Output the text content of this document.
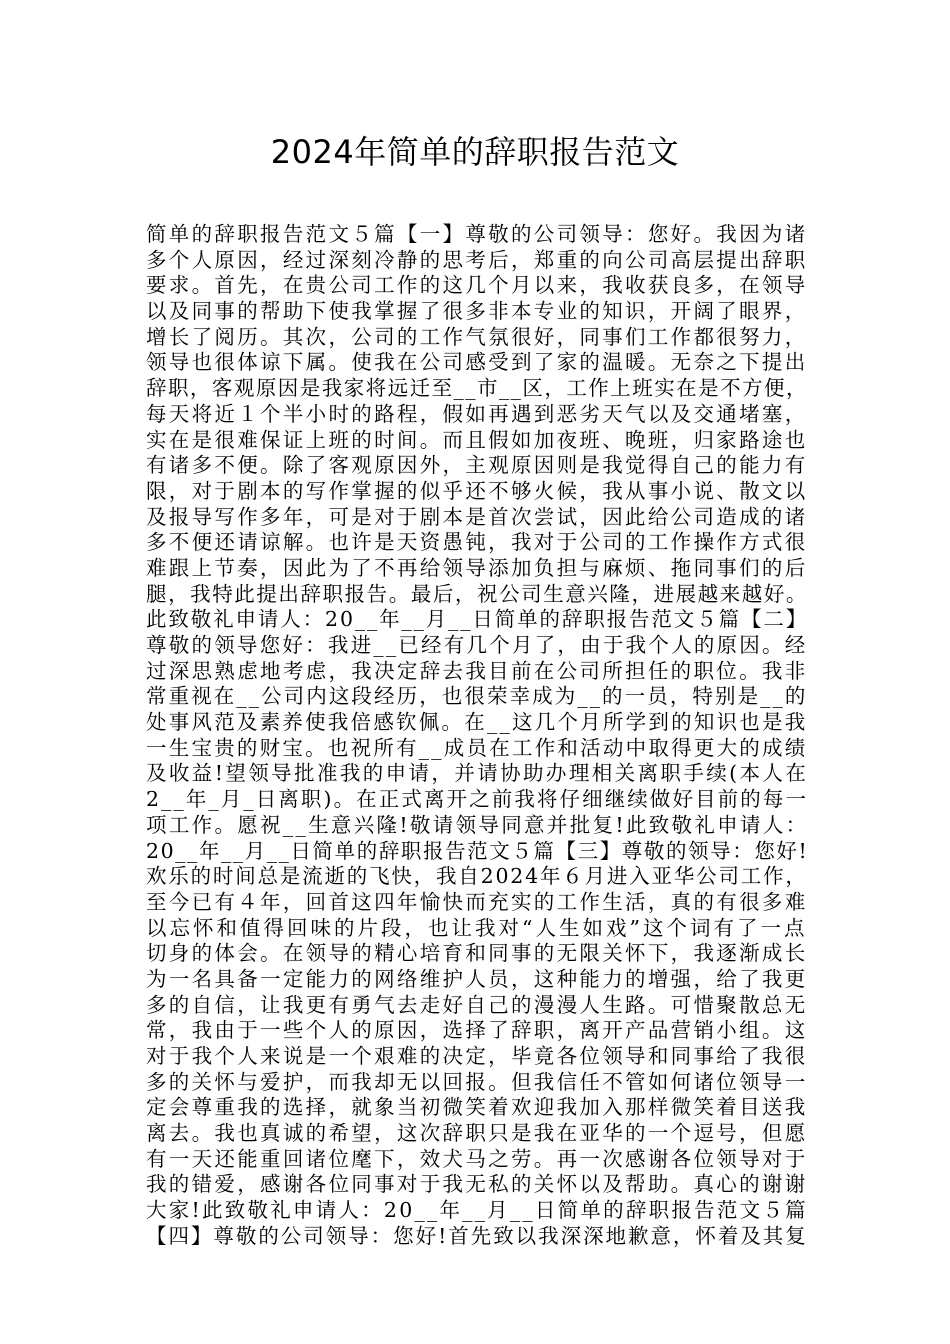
2024年简单的辞职报告范文
简单的辞职报告范文５篇【一】尊敬的公司领导：您好。我因为诸
多个人原因，经过深刻冷静的思考后，郑重的向公司高层提出辞职
要求。首先，在贵公司工作的这几个月以来，我收获良多，在领导
以及同事的帮助下使我掌握了很多非本专业的知识，开阔了眼界，
增长了阅历。其次，公司的工作气氛很好，同事们工作都很努力，
领导也很体谅下属。使我在公司感受到了家的温暖。无奈之下提出
辞职，客观原因是我家将远迁至__市__区，工作上班实在是不方便，
每天将近１个半小时的路程，假如再遇到恶劣天气以及交通堵塞，
实在是很难保证上班的时间。而且假如加夜班、晚班，归家路途也
有诸多不便。除了客观原因外，主观原因则是我觉得自己的能力有
限，对于剧本的写作掌握的似乎还不够火候，我从事小说、散文以
及报导写作多年，可是对于剧本是首次尝试，因此给公司造成的诸
多不便还请谅解。也许是天资愚钝，我对于公司的工作操作方式很
难跟上节奏，因此为了不再给领导添加负担与麻烦、拖同事们的后
腿，我特此提出辞职报告。最后，祝公司生意兴隆，进展越来越好。
此致敬礼申请人：20__年__月__日简单的辞职报告范文５篇【二】
尊敬的领导您好：我进__已经有几个月了，由于我个人的原因。经
过深思熟虑地考虑，我决定辞去我目前在公司所担任的职位。我非
常重视在__公司内这段经历，也很荣幸成为__的一员，特别是__的
处事风范及素养使我倍感钦佩。在__这几个月所学到的知识也是我
一生宝贵的财宝。也祝所有__成员在工作和活动中取得更大的成绩
及收益!望领导批准我的申请，并请协助办理相关离职手续(本人在
2__年_月_日离职)。在正式离开之前我将仔细继续做好目前的每一
项工作。愿祝__生意兴隆!敬请领导同意并批复!此致敬礼申请人：
20__年__月__日简单的辞职报告范文５篇【三】尊敬的领导：您好!
欢乐的时间总是流逝的飞快，我自2024年６月进入亚华公司工作，
至今已有４年，回首这四年愉快而充实的工作生活，真的有很多难
以忘怀和值得回味的片段，也让我对“人生如戏”这个词有了一点
切身的体会。在领导的精心培育和同事的无限关怀下，我逐渐成长
为一名具备一定能力的网络维护人员，这种能力的增强，给了我更
多的自信，让我更有勇气去走好自己的漫漫人生路。可惜聚散总无
常，我由于一些个人的原因，选择了辞职，离开产品营销小组。这
对于我个人来说是一个艰难的决定，毕竟各位领导和同事给了我很
多的关怀与爱护，而我却无以回报。但我信任不管如何诸位领导一
定会尊重我的选择，就象当初微笑着欢迎我加入那样微笑着目送我
离去。我也真诚的希望，这次辞职只是我在亚华的一个逗号，但愿
有一天还能重回诸位麾下，效犬马之劳。再一次感谢各位领导对于
我的错爱，感谢各位同事对于我无私的关怀以及帮助。真心的谢谢
大家!此致敬礼申请人：20__年__月__日简单的辞职报告范文５篇
【四】尊敬的公司领导：您好!首先致以我深深地歉意，怀着及其复
